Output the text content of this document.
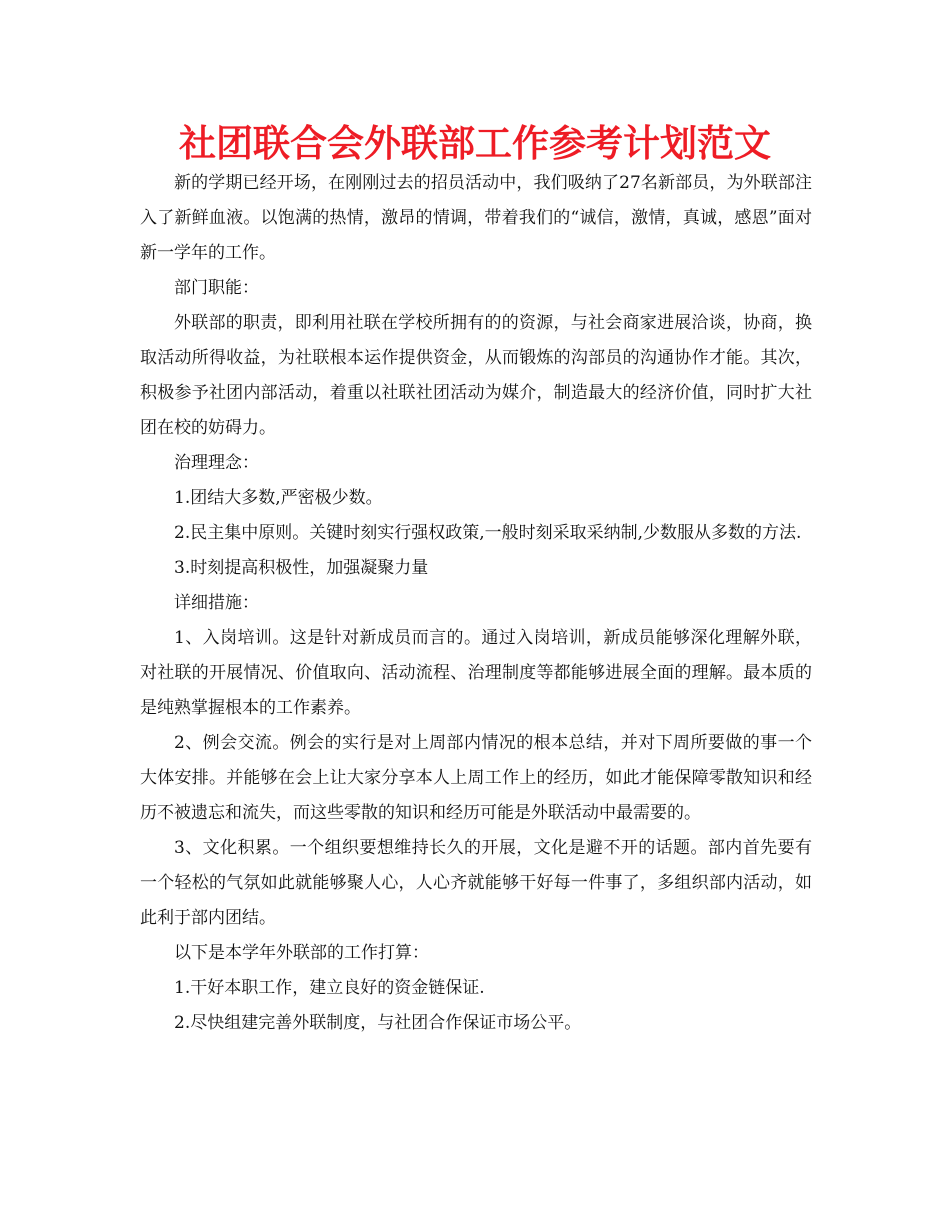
社团联合会外联部工作参考计划范文

新的学期已经开场，在刚刚过去的招员活动中，我们吸纳了27名新部员，为外联部注入了新鲜血液。以饱满的热情，激昂的情调，带着我们的“诚信，激情，真诚，感恩”面对新一学年的工作。

部门职能：

外联部的职责，即利用社联在学校所拥有的的资源，与社会商家进展洽谈，协商，换取活动所得收益，为社联根本运作提供资金，从而锻炼的沟部员的沟通协作才能。其次，积极参予社团内部活动，着重以社联社团活动为媒介，制造最大的经济价值，同时扩大社团在校的妨碍力。

治理理念：

1.团结大多数,严密极少数。

2.民主集中原则。关键时刻实行强权政策,一般时刻采取采纳制,少数服从多数的方法.

3.时刻提高积极性，加强凝聚力量

详细措施：

1、入岗培训。这是针对新成员而言的。通过入岗培训，新成员能够深化理解外联，对社联的开展情况、价值取向、活动流程、治理制度等都能够进展全面的理解。最本质的是纯熟掌握根本的工作素养。

2、例会交流。例会的实行是对上周部内情况的根本总结，并对下周所要做的事一个大体安排。并能够在会上让大家分享本人上周工作上的经历，如此才能保障零散知识和经历不被遗忘和流失，而这些零散的知识和经历可能是外联活动中最需要的。

3、文化积累。一个组织要想维持长久的开展，文化是避不开的话题。部内首先要有一个轻松的气氛如此就能够聚人心，人心齐就能够干好每一件事了，多组织部内活动，如此利于部内团结。

以下是本学年外联部的工作打算：

1.干好本职工作，建立良好的资金链保证.

2.尽快组建完善外联制度，与社团合作保证市场公平。
